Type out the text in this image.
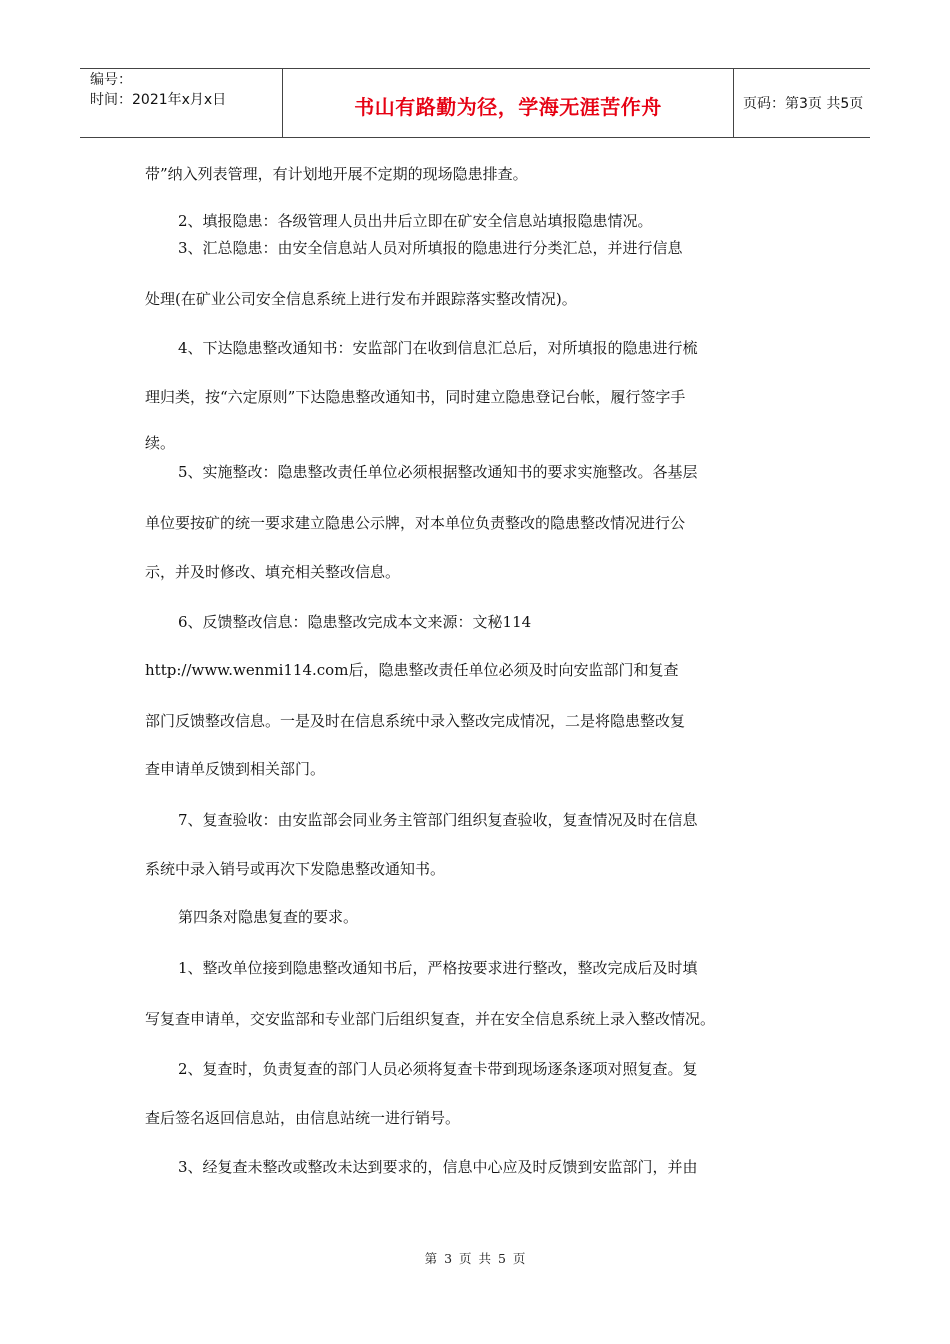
编号：
时间：2021年x月x日	书山有路勤为径，学海无涯苦作舟	页码：第3页 共5页
带”纳入列表管理，有计划地开展不定期的现场隐患排查。
2、填报隐患：各级管理人员出井后立即在矿安全信息站填报隐患情况。
3、汇总隐患：由安全信息站人员对所填报的隐患进行分类汇总，并进行信息
处理(在矿业公司安全信息系统上进行发布并跟踪落实整改情况)。
4、下达隐患整改通知书：安监部门在收到信息汇总后，对所填报的隐患进行梳
理归类，按“六定原则”下达隐患整改通知书，同时建立隐患登记台帐，履行签字手
续。
5、实施整改：隐患整改责任单位必须根据整改通知书的要求实施整改。各基层
单位要按矿的统一要求建立隐患公示牌，对本单位负责整改的隐患整改情况进行公
示，并及时修改、填充相关整改信息。
6、反馈整改信息：隐患整改完成本文来源：文秘114
http://www.wenmi114.com后，隐患整改责任单位必须及时向安监部门和复查
部门反馈整改信息。一是及时在信息系统中录入整改完成情况，二是将隐患整改复
查申请单反馈到相关部门。
7、复查验收：由安监部会同业务主管部门组织复查验收，复查情况及时在信息
系统中录入销号或再次下发隐患整改通知书。
第四条对隐患复查的要求。
1、整改单位接到隐患整改通知书后，严格按要求进行整改，整改完成后及时填
写复查申请单，交安监部和专业部门后组织复查，并在安全信息系统上录入整改情况。
2、复查时，负责复查的部门人员必须将复查卡带到现场逐条逐项对照复查。复
查后签名返回信息站，由信息站统一进行销号。
3、经复查未整改或整改未达到要求的，信息中心应及时反馈到安监部门，并由
第 3 页 共 5 页
